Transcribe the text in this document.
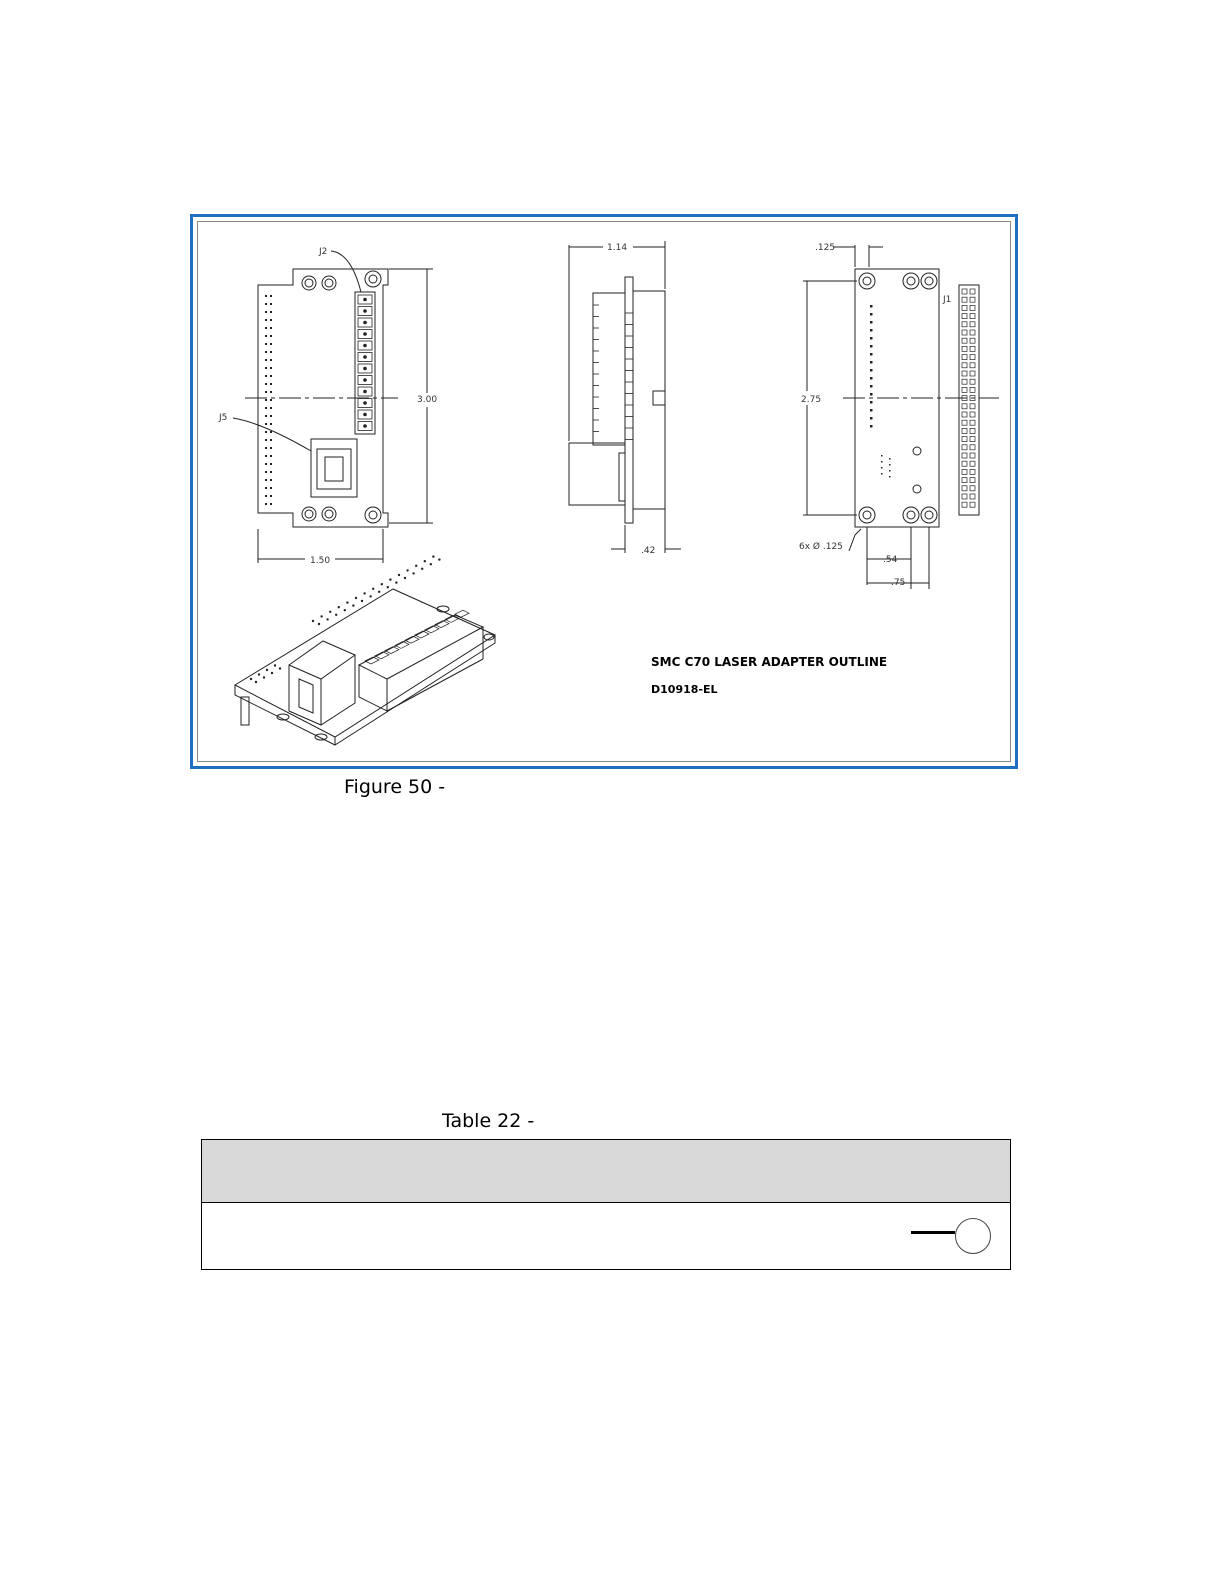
J2
J5
J1
3.00
1.50
1.14
.42
.125
2.75
6x Ø .125
.54
.75
SMC C70 LASER ADAPTER OUTLINE
D10918-EL
Figure 50 -
Table 22 -
